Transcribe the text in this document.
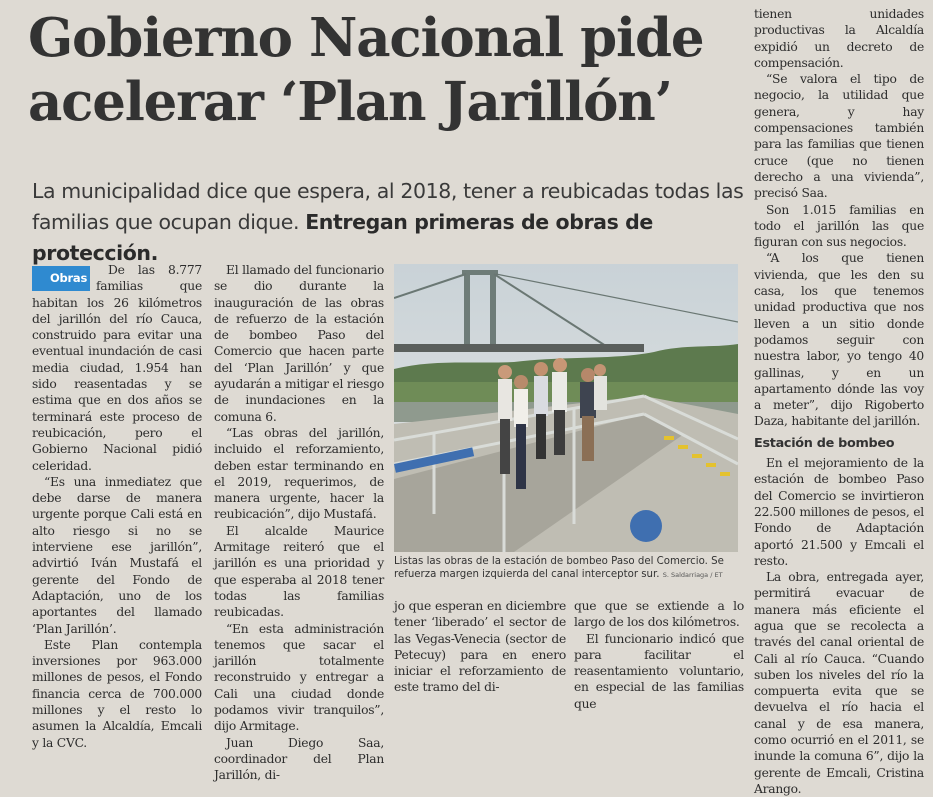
Gobierno Nacional pide acelerar ‘Plan Jarillón’

La municipalidad dice que espera, al 2018, tener a reubicadas todas las familias que ocupan dique. Entregan primeras de obras de protección.

Obras
De las 8.777 familias que habitan los 26 kilómetros del jarillón del río Cauca, construido para evitar una eventual inundación de casi media ciudad, 1.954 han sido reasentadas y se estima que en dos años se terminará este proceso de reubicación, pero el Gobierno Nacional pidió celeridad.

“Es una inmediatez que debe darse de manera urgente porque Cali está en alto riesgo si no se interviene ese jarillón”, advirtió Iván Mustafá el gerente del Fondo de Adaptación, uno de los aportantes del llamado ‘Plan Jarillón’.

Este Plan contempla inversiones por 963.000 millones de pesos, el Fondo financia cerca de 700.000 millones y el resto lo asumen la Alcaldía, Emcali y la CVC.

El llamado del funcionario se dio durante la inauguración de las obras de refuerzo de la estación de bombeo Paso del Comercio que hacen parte del ‘Plan Jarillón’ y que ayudarán a mitigar el riesgo de inundaciones en la comuna 6.

“Las obras del jarillón, incluido el reforzamiento, deben estar terminando en el 2019, requerimos, de manera urgente, hacer la reubicación”, dijo Mustafá.

El alcalde Maurice Armitage reiteró que el jarillón es una prioridad y que esperaba al 2018 tener todas las familias reubicadas.

“En esta administración tenemos que sacar el jarillón totalmente reconstruido y entregar a Cali una ciudad donde podamos vivir tranquilos”, dijo Armitage.

Juan Diego Saa, coordinador del Plan Jarillón, di-

Listas las obras de la estación de bombeo Paso del Comercio. Se refuerza margen izquierda del canal interceptor sur. S. Saldarriaga / ET

jo que esperan en diciembre tener ‘liberado’ el sector de las Vegas-Venecia (sector de Petecuy) para en enero iniciar el reforzamiento de este tramo del di-

que que se extiende a lo largo de los dos kilómetros.

El funcionario indicó que para facilitar el reasentamiento voluntario, en especial de las familias que

tienen unidades productivas la Alcaldía expidió un decreto de compensación.

“Se valora el tipo de negocio, la utilidad que genera, y hay compensaciones también para las familias que tienen cruce (que no tienen derecho a una vivienda”, precisó Saa.

Son 1.015 familias en todo el jarillón las que figuran con sus negocios.

“A los que tienen vivienda, que les den su casa, los que tenemos unidad productiva que nos lleven a un sitio donde podamos seguir con nuestra labor, yo tengo 40 gallinas, y en un apartamento dónde las voy a meter”, dijo Rigoberto Daza, habitante del jarillón.

Estación de bombeo

En el mejoramiento de la estación de bombeo Paso del Comercio se invirtieron 22.500 millones de pesos, el Fondo de Adaptación aportó 21.500 y Emcali el resto.

La obra, entregada ayer, permitirá evacuar de manera más eficiente el agua que se recolecta a través del canal oriental de Cali al río Cauca. “Cuando suben los niveles del río la compuerta evita que se devuelva el río hacia el canal y de esa manera, como ocurrió en el 2011, se inunde la comuna 6”, dijo la gerente de Emcali, Cristina Arango.
